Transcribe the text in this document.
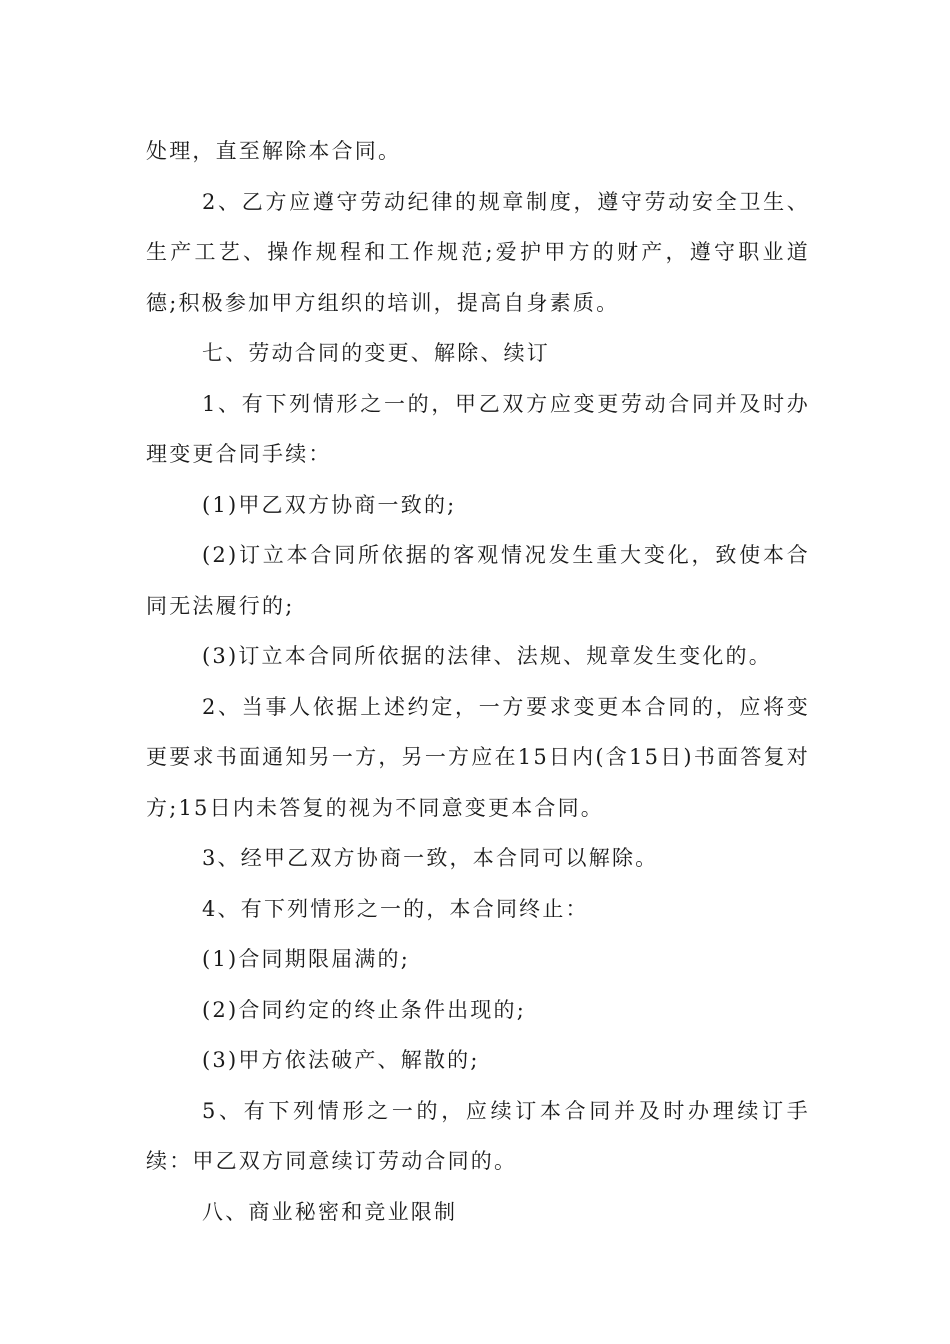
处理，直至解除本合同。

2、乙方应遵守劳动纪律的规章制度，遵守劳动安全卫生、生产工艺、操作规程和工作规范;爱护甲方的财产，遵守职业道德;积极参加甲方组织的培训，提高自身素质。

七、劳动合同的变更、解除、续订

1、有下列情形之一的，甲乙双方应变更劳动合同并及时办理变更合同手续：

(1)甲乙双方协商一致的;

(2)订立本合同所依据的客观情况发生重大变化，致使本合同无法履行的;

(3)订立本合同所依据的法律、法规、规章发生变化的。

2、当事人依据上述约定，一方要求变更本合同的，应将变更要求书面通知另一方，另一方应在15日内(含15日)书面答复对方;15日内未答复的视为不同意变更本合同。

3、经甲乙双方协商一致，本合同可以解除。

4、有下列情形之一的，本合同终止：

(1)合同期限届满的;

(2)合同约定的终止条件出现的;

(3)甲方依法破产、解散的;

5、有下列情形之一的，应续订本合同并及时办理续订手续：甲乙双方同意续订劳动合同的。

八、商业秘密和竞业限制
